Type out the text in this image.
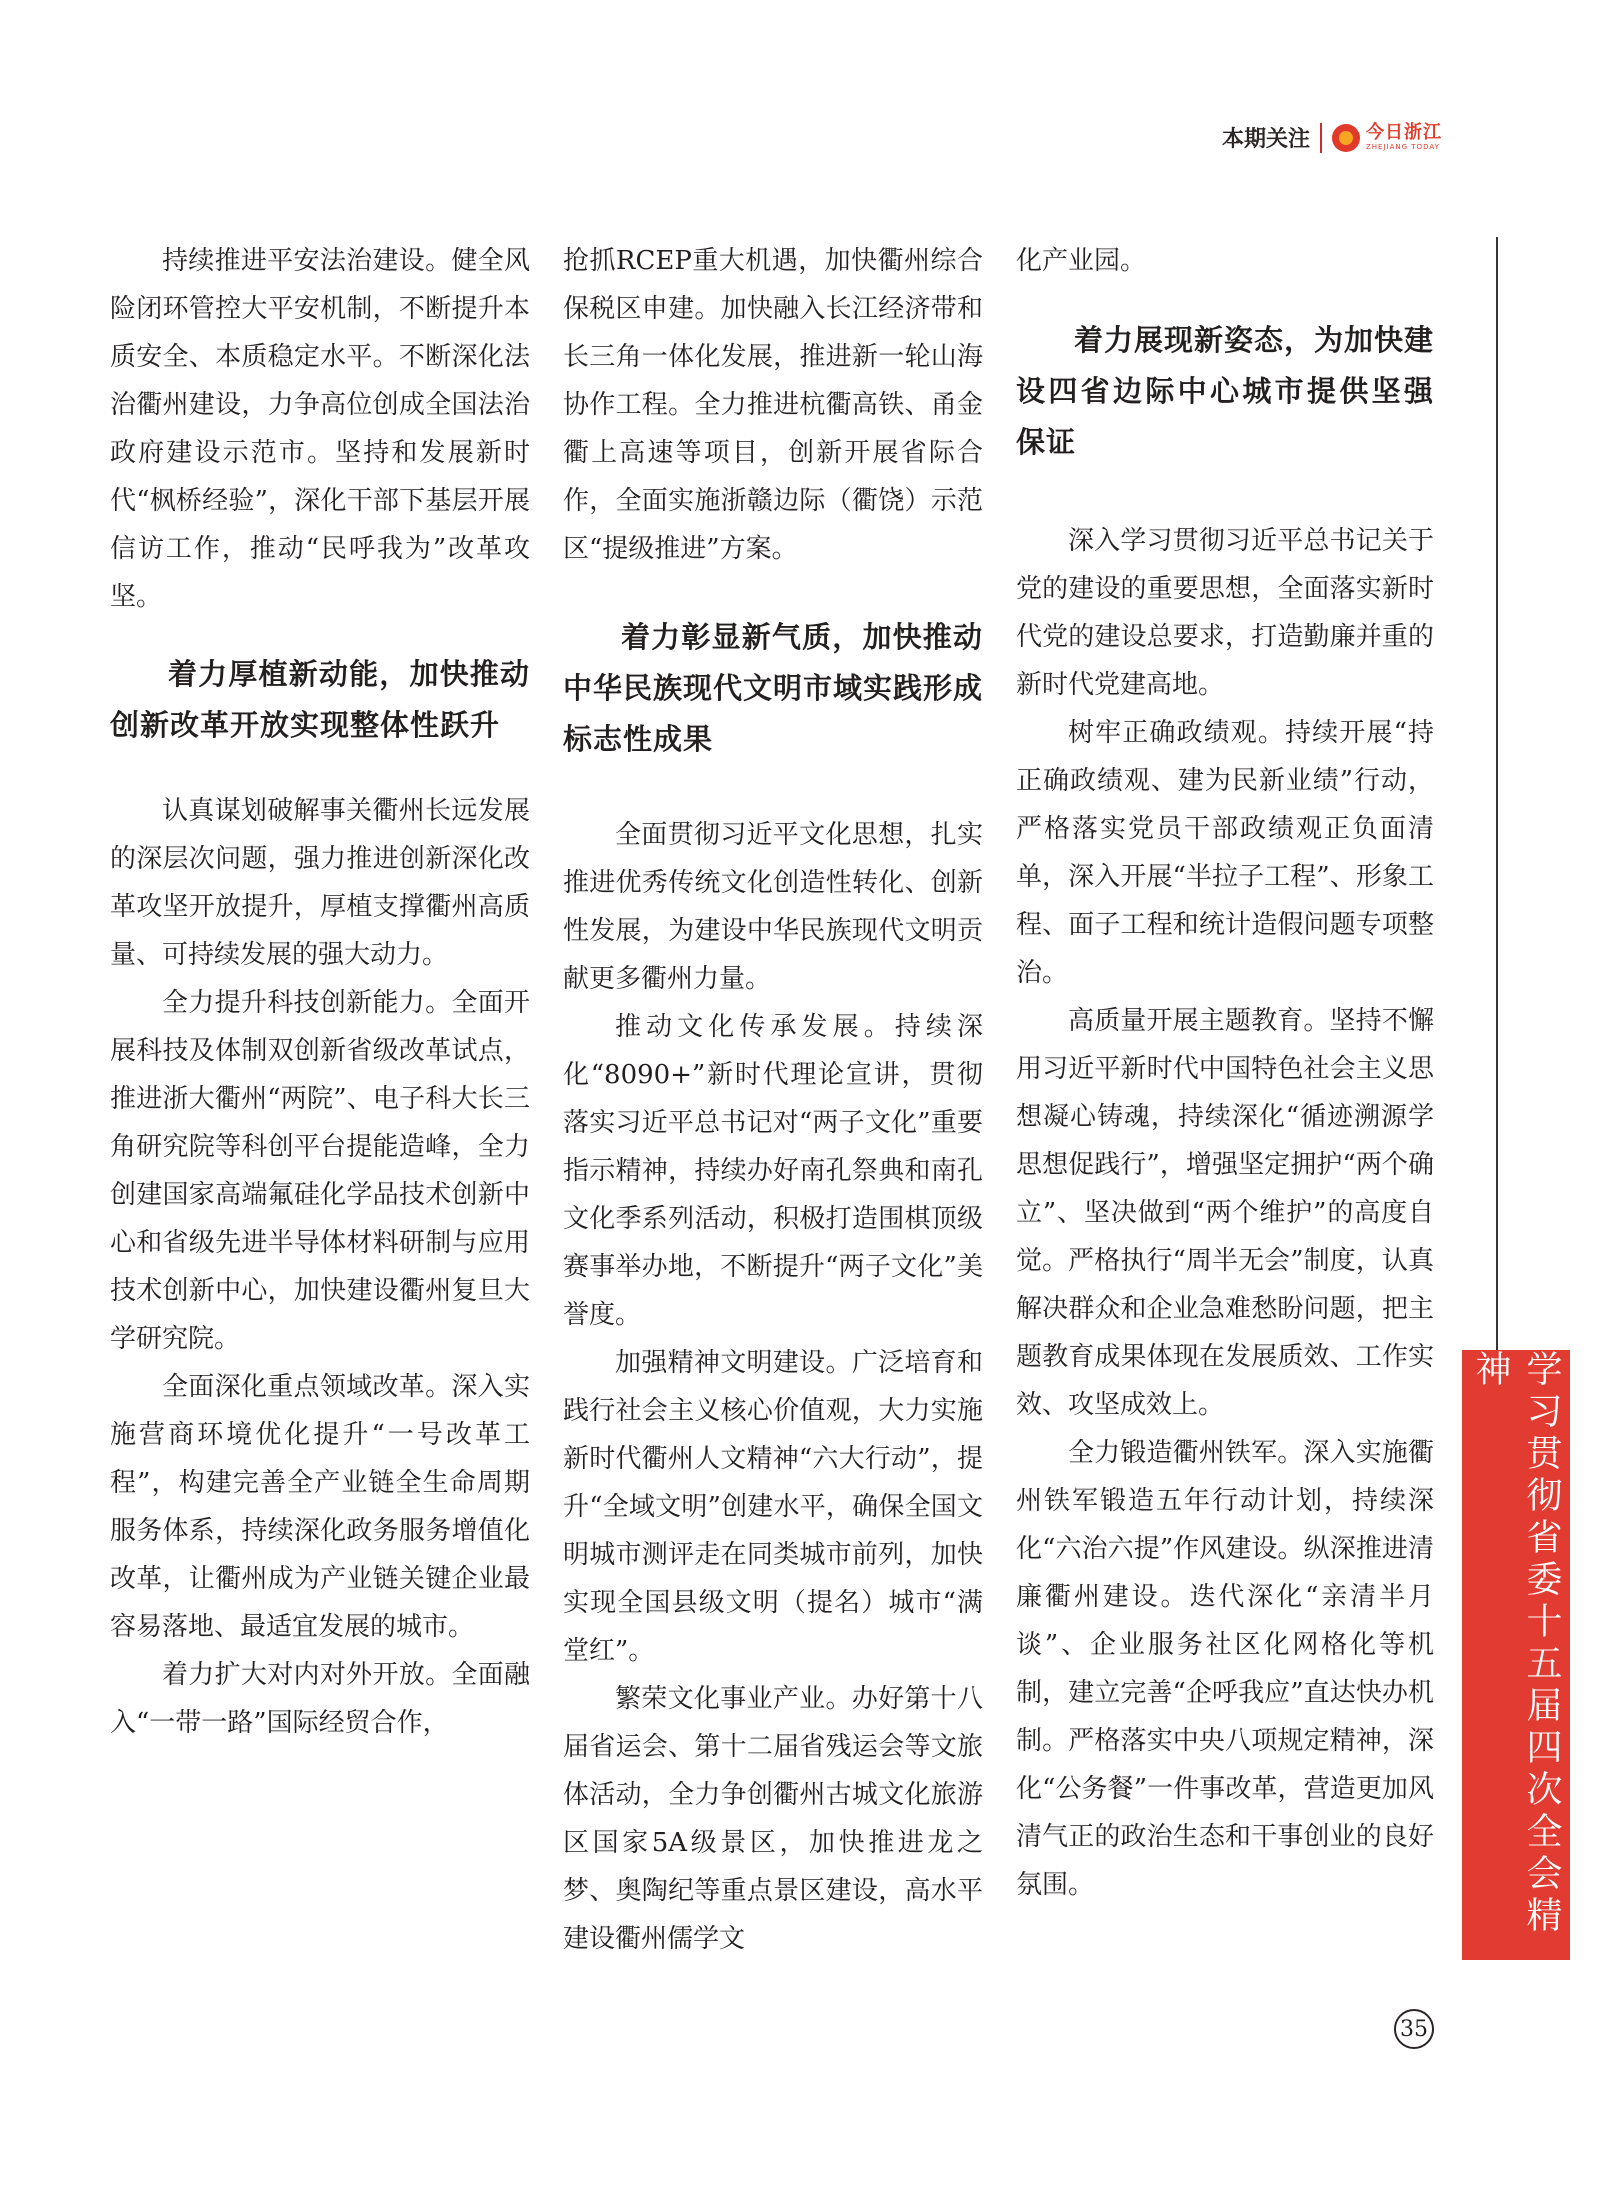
本期关注	今日浙江
ZHEJIANG TODAY

持续推进平安法治建设。健全风险闭环管控大平安机制，不断提升本质安全、本质稳定水平。不断深化法治衢州建设，力争高位创成全国法治政府建设示范市。坚持和发展新时代“枫桥经验”，深化干部下基层开展信访工作，推动“民呼我为”改革攻坚。

着力厚植新动能，加快推动创新改革开放实现整体性跃升

认真谋划破解事关衢州长远发展的深层次问题，强力推进创新深化改革攻坚开放提升，厚植支撑衢州高质量、可持续发展的强大动力。

全力提升科技创新能力。全面开展科技及体制双创新省级改革试点，推进浙大衢州“两院”、电子科大长三角研究院等科创平台提能造峰，全力创建国家高端氟硅化学品技术创新中心和省级先进半导体材料研制与应用技术创新中心，加快建设衢州复旦大学研究院。

全面深化重点领域改革。深入实施营商环境优化提升“一号改革工程”，构建完善全产业链全生命周期服务体系，持续深化政务服务增值化改革，让衢州成为产业链关键企业最容易落地、最适宜发展的城市。

着力扩大对内对外开放。全面融入“一带一路”国际经贸合作，

抢抓RCEP重大机遇，加快衢州综合保税区申建。加快融入长江经济带和长三角一体化发展，推进新一轮山海协作工程。全力推进杭衢高铁、甬金衢上高速等项目，创新开展省际合作，全面实施浙赣边际（衢饶）示范区“提级推进”方案。

着力彰显新气质，加快推动中华民族现代文明市域实践形成标志性成果

全面贯彻习近平文化思想，扎实推进优秀传统文化创造性转化、创新性发展，为建设中华民族现代文明贡献更多衢州力量。

推动文化传承发展。持续深化“8090+”新时代理论宣讲，贯彻落实习近平总书记对“两子文化”重要指示精神，持续办好南孔祭典和南孔文化季系列活动，积极打造围棋顶级赛事举办地，不断提升“两子文化”美誉度。

加强精神文明建设。广泛培育和践行社会主义核心价值观，大力实施新时代衢州人文精神“六大行动”，提升“全域文明”创建水平，确保全国文明城市测评走在同类城市前列，加快实现全国县级文明（提名）城市“满堂红”。

繁荣文化事业产业。办好第十八届省运会、第十二届省残运会等文旅体活动，全力争创衢州古城文化旅游区国家5A级景区，加快推进龙之梦、奥陶纪等重点景区建设，高水平建设衢州儒学文

化产业园。

着力展现新姿态，为加快建设四省边际中心城市提供坚强保证

深入学习贯彻习近平总书记关于党的建设的重要思想，全面落实新时代党的建设总要求，打造勤廉并重的新时代党建高地。

树牢正确政绩观。持续开展“持正确政绩观、建为民新业绩”行动，严格落实党员干部政绩观正负面清单，深入开展“半拉子工程”、形象工程、面子工程和统计造假问题专项整治。

高质量开展主题教育。坚持不懈用习近平新时代中国特色社会主义思想凝心铸魂，持续深化“循迹溯源学思想促践行”，增强坚定拥护“两个确立”、坚决做到“两个维护”的高度自觉。严格执行“周半无会”制度，认真解决群众和企业急难愁盼问题，把主题教育成果体现在发展质效、工作实效、攻坚成效上。

全力锻造衢州铁军。深入实施衢州铁军锻造五年行动计划，持续深化“六治六提”作风建设。纵深推进清廉衢州建设。迭代深化“亲清半月谈”、企业服务社区化网格化等机制，建立完善“企呼我应”直达快办机制。严格落实中央八项规定精神，深化“公务餐”一件事改革，营造更加风清气正的政治生态和干事创业的良好氛围。	学习贯彻省委十五届四次全会精神
35
